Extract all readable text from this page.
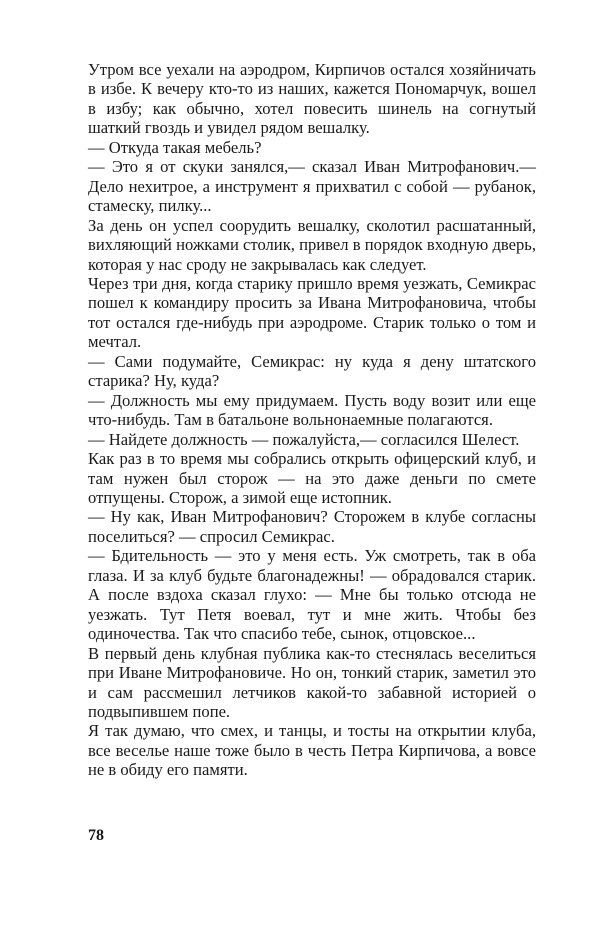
Утром все уехали на аэродром, Кирпичов остался хозяйничать в избе. К вечеру кто-то из наших, кажется Пономарчук, вошел в избу; как обычно, хотел повесить шинель на согнутый шаткий гвоздь и увидел рядом вешалку.

— Откуда такая мебель?

— Это я от скуки занялся,— сказал Иван Митрофанович.— Дело нехитрое, а инструмент я прихватил с собой — рубанок, стамеску, пилку...

За день он успел соорудить вешалку, сколотил расшатанный, вихляющий ножками столик, привел в порядок входную дверь, которая у нас сроду не закрывалась как следует.

Через три дня, когда старику пришло время уезжать, Семикрас пошел к командиру просить за Ивана Митрофановича, чтобы тот остался где-нибудь при аэродроме. Старик только о том и мечтал.

— Сами подумайте, Семикрас: ну куда я дену штатского старика? Ну, куда?

— Должность мы ему придумаем. Пусть воду возит или еще что-нибудь. Там в батальоне вольнонаемные полагаются.

— Найдете должность — пожалуйста,— согласился Шелест.

Как раз в то время мы собрались открыть офицерский клуб, и там нужен был сторож — на это даже деньги по смете отпущены. Сторож, а зимой еще истопник.

— Ну как, Иван Митрофанович? Сторожем в клубе согласны поселиться? — спросил Семикрас.

— Бдительность — это у меня есть. Уж смотреть, так в оба глаза. И за клуб будьте благонадежны! — обрадовался старик. А после вздоха сказал глухо: — Мне бы только отсюда не уезжать. Тут Петя воевал, тут и мне жить. Чтобы без одиночества. Так что спасибо тебе, сынок, отцовское...

В первый день клубная публика как-то стеснялась веселиться при Иване Митрофановиче. Но он, тонкий старик, заметил это и сам рассмешил летчиков какой-то забавной историей о подвыпившем попе.

Я так думаю, что смех, и танцы, и тосты на открытии клуба, все веселье наше тоже было в честь Петра Кирпичова, а вовсе не в обиду его памяти.

78
